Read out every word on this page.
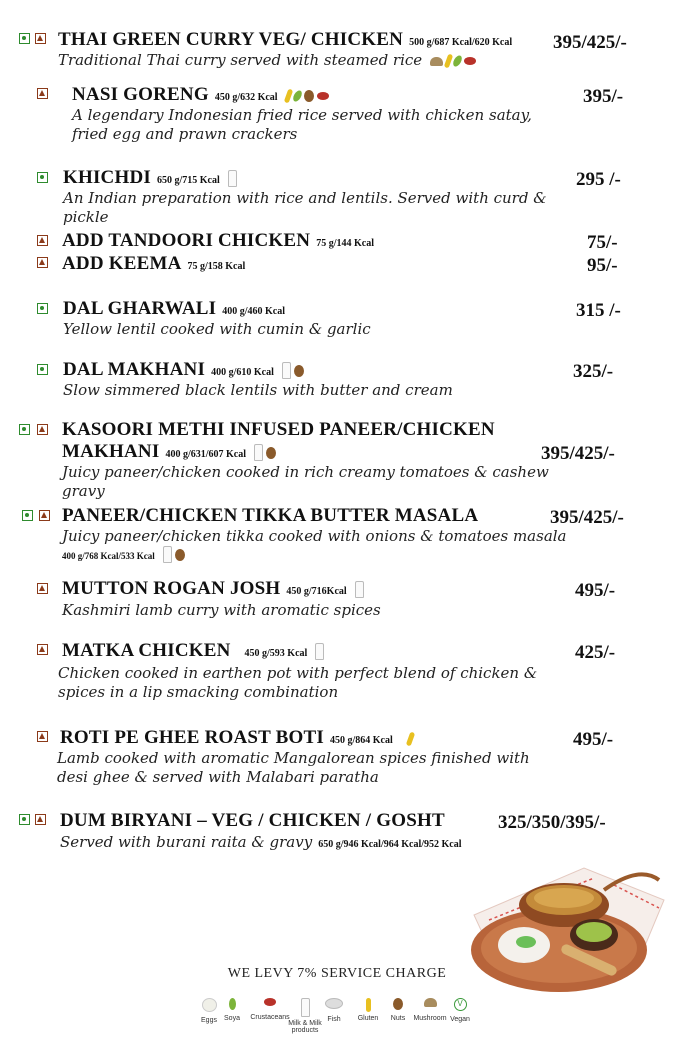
THAI GREEN CURRY VEG/ CHICKEN 500 g/687 Kcal/620 Kcal 395/425/-
Traditional Thai curry served with steamed rice
NASI GORENG 450 g/632 Kcal	395/-
A legendary Indonesian fried rice served with chicken satay, fried egg and prawn crackers
KHICHDI 650 g/715 Kcal	295 /-
An Indian preparation with rice and lentils. Served with curd & pickle
ADD TANDOORI CHICKEN 75 g/144 Kcal	75/-
ADD KEEMA 75 g/158 Kcal	95/-
DAL GHARWALI 400 g/460 Kcal	315 /-
Yellow lentil cooked with cumin & garlic
DAL MAKHANI 400 g/610 Kcal	325/-
Slow simmered black lentils with butter and cream
KASOORI METHI INFUSED PANEER/CHICKEN
MAKHANI 400 g/631/607 Kcal	395/425/-
Juicy paneer/chicken cooked in rich creamy tomatoes & cashew gravy
PANEER/CHICKEN TIKKA BUTTER MASALA	395/425/-
Juicy paneer/chicken tikka cooked with onions & tomatoes masala
400 g/768 Kcal/533 Kcal
MUTTON ROGAN JOSH 450 g/716Kcal	495/-
Kashmiri lamb curry with aromatic spices
MATKA CHICKEN 450 g/593 Kcal	425/-
Chicken cooked in earthen pot with perfect blend of chicken & spices in a lip smacking combination
ROTI PE GHEE ROAST BOTI 450 g/864 Kcal	495/-
Lamb cooked with aromatic Mangalorean spices finished with desi ghee & served with Malabari paratha
DUM BIRYANI – VEG / CHICKEN / GOSHT	325/350/395/-
Served with burani raita & gravy 650 g/946 Kcal/964 Kcal/952 Kcal
WE LEVY 7% SERVICE CHARGE
Eggs	Soya	Crustaceans
Milk & Milk products
Fish	Gluten	Nuts	Mushroom
V
Vegan
